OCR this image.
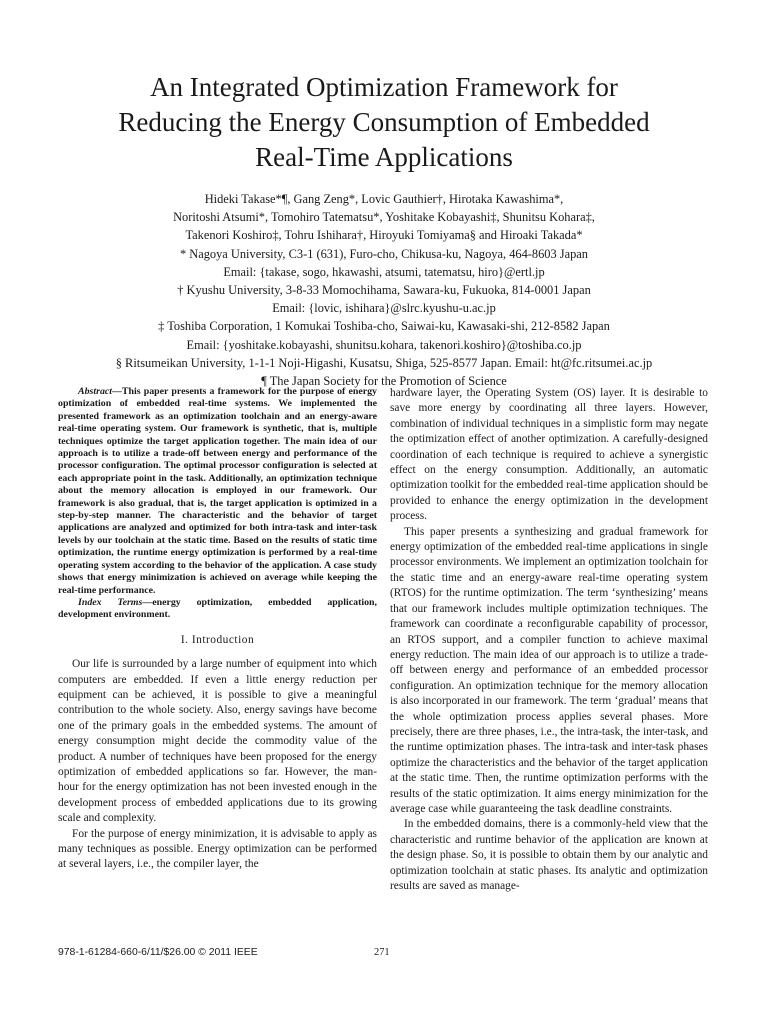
An Integrated Optimization Framework for
Reducing the Energy Consumption of Embedded
Real-Time Applications
Hideki Takase*¶, Gang Zeng*, Lovic Gauthier†, Hirotaka Kawashima*,
Noritoshi Atsumi*, Tomohiro Tatematsu*, Yoshitake Kobayashi‡, Shunitsu Kohara‡,
Takenori Koshiro‡, Tohru Ishihara†, Hiroyuki Tomiyama§ and Hiroaki Takada*
* Nagoya University, C3-1 (631), Furo-cho, Chikusa-ku, Nagoya, 464-8603 Japan
Email: {takase, sogo, hkawashi, atsumi, tatematsu, hiro}@ertl.jp
† Kyushu University, 3-8-33 Momochihama, Sawara-ku, Fukuoka, 814-0001 Japan
Email: {lovic, ishihara}@slrc.kyushu-u.ac.jp
‡ Toshiba Corporation, 1 Komukai Toshiba-cho, Saiwai-ku, Kawasaki-shi, 212-8582 Japan
Email: {yoshitake.kobayashi, shunitsu.kohara, takenori.koshiro}@toshiba.co.jp
§ Ritsumeikan University, 1-1-1 Noji-Higashi, Kusatsu, Shiga, 525-8577 Japan. Email: ht@fc.ritsumei.ac.jp
¶ The Japan Society for the Promotion of Science

Abstract—This paper presents a framework for the purpose of energy optimization of embedded real-time systems. We implemented the presented framework as an optimization toolchain and an energy-aware real-time operating system. Our framework is synthetic, that is, multiple techniques optimize the target application together. The main idea of our approach is to utilize a trade-off between energy and performance of the processor configuration. The optimal processor configuration is selected at each appropriate point in the task. Additionally, an optimization technique about the memory allocation is employed in our framework. Our framework is also gradual, that is, the target application is optimized in a step-by-step manner. The characteristic and the behavior of target applications are analyzed and optimized for both intra-task and inter-task levels by our toolchain at the static time. Based on the results of static time optimization, the runtime energy optimization is performed by a real-time operating system according to the behavior of the application. A case study shows that energy minimization is achieved on average while keeping the real-time performance.

Index Terms—energy optimization, embedded application, development environment.

I. Introduction

Our life is surrounded by a large number of equipment into which computers are embedded. If even a little energy reduction per equipment can be achieved, it is possible to give a meaningful contribution to the whole society. Also, energy savings have become one of the primary goals in the embedded systems. The amount of energy consumption might decide the commodity value of the product. A number of techniques have been proposed for the energy optimization of embedded applications so far. However, the man-hour for the energy optimization has not been invested enough in the development process of embedded applications due to its growing scale and complexity.

For the purpose of energy minimization, it is advisable to apply as many techniques as possible. Energy optimization can be performed at several layers, i.e., the compiler layer, the

hardware layer, the Operating System (OS) layer. It is desirable to save more energy by coordinating all three layers. However, combination of individual techniques in a simplistic form may negate the optimization effect of another optimization. A carefully-designed coordination of each technique is required to achieve a synergistic effect on the energy consumption. Additionally, an automatic optimization toolkit for the embedded real-time application should be provided to enhance the energy optimization in the development process.

This paper presents a synthesizing and gradual framework for energy optimization of the embedded real-time applications in single processor environments. We implement an optimization toolchain for the static time and an energy-aware real-time operating system (RTOS) for the runtime optimization. The term ‘synthesizing’ means that our framework includes multiple optimization techniques. The framework can coordinate a reconfigurable capability of processor, an RTOS support, and a compiler function to achieve maximal energy reduction. The main idea of our approach is to utilize a trade-off between energy and performance of an embedded processor configuration. An optimization technique for the memory allocation is also incorporated in our framework. The term ‘gradual’ means that the whole optimization process applies several phases. More precisely, there are three phases, i.e., the intra-task, the inter-task, and the runtime optimization phases. The intra-task and inter-task phases optimize the characteristics and the behavior of the target application at the static time. Then, the runtime optimization performs with the results of the static optimization. It aims energy minimization for the average case while guaranteeing the task deadline constraints.

In the embedded domains, there is a commonly-held view that the characteristic and runtime behavior of the application are known at the design phase. So, it is possible to obtain them by our analytic and optimization toolchain at static phases. Its analytic and optimization results are saved as manage-

978-1-61284-660-6/11/$26.00 © 2011 IEEE	271
